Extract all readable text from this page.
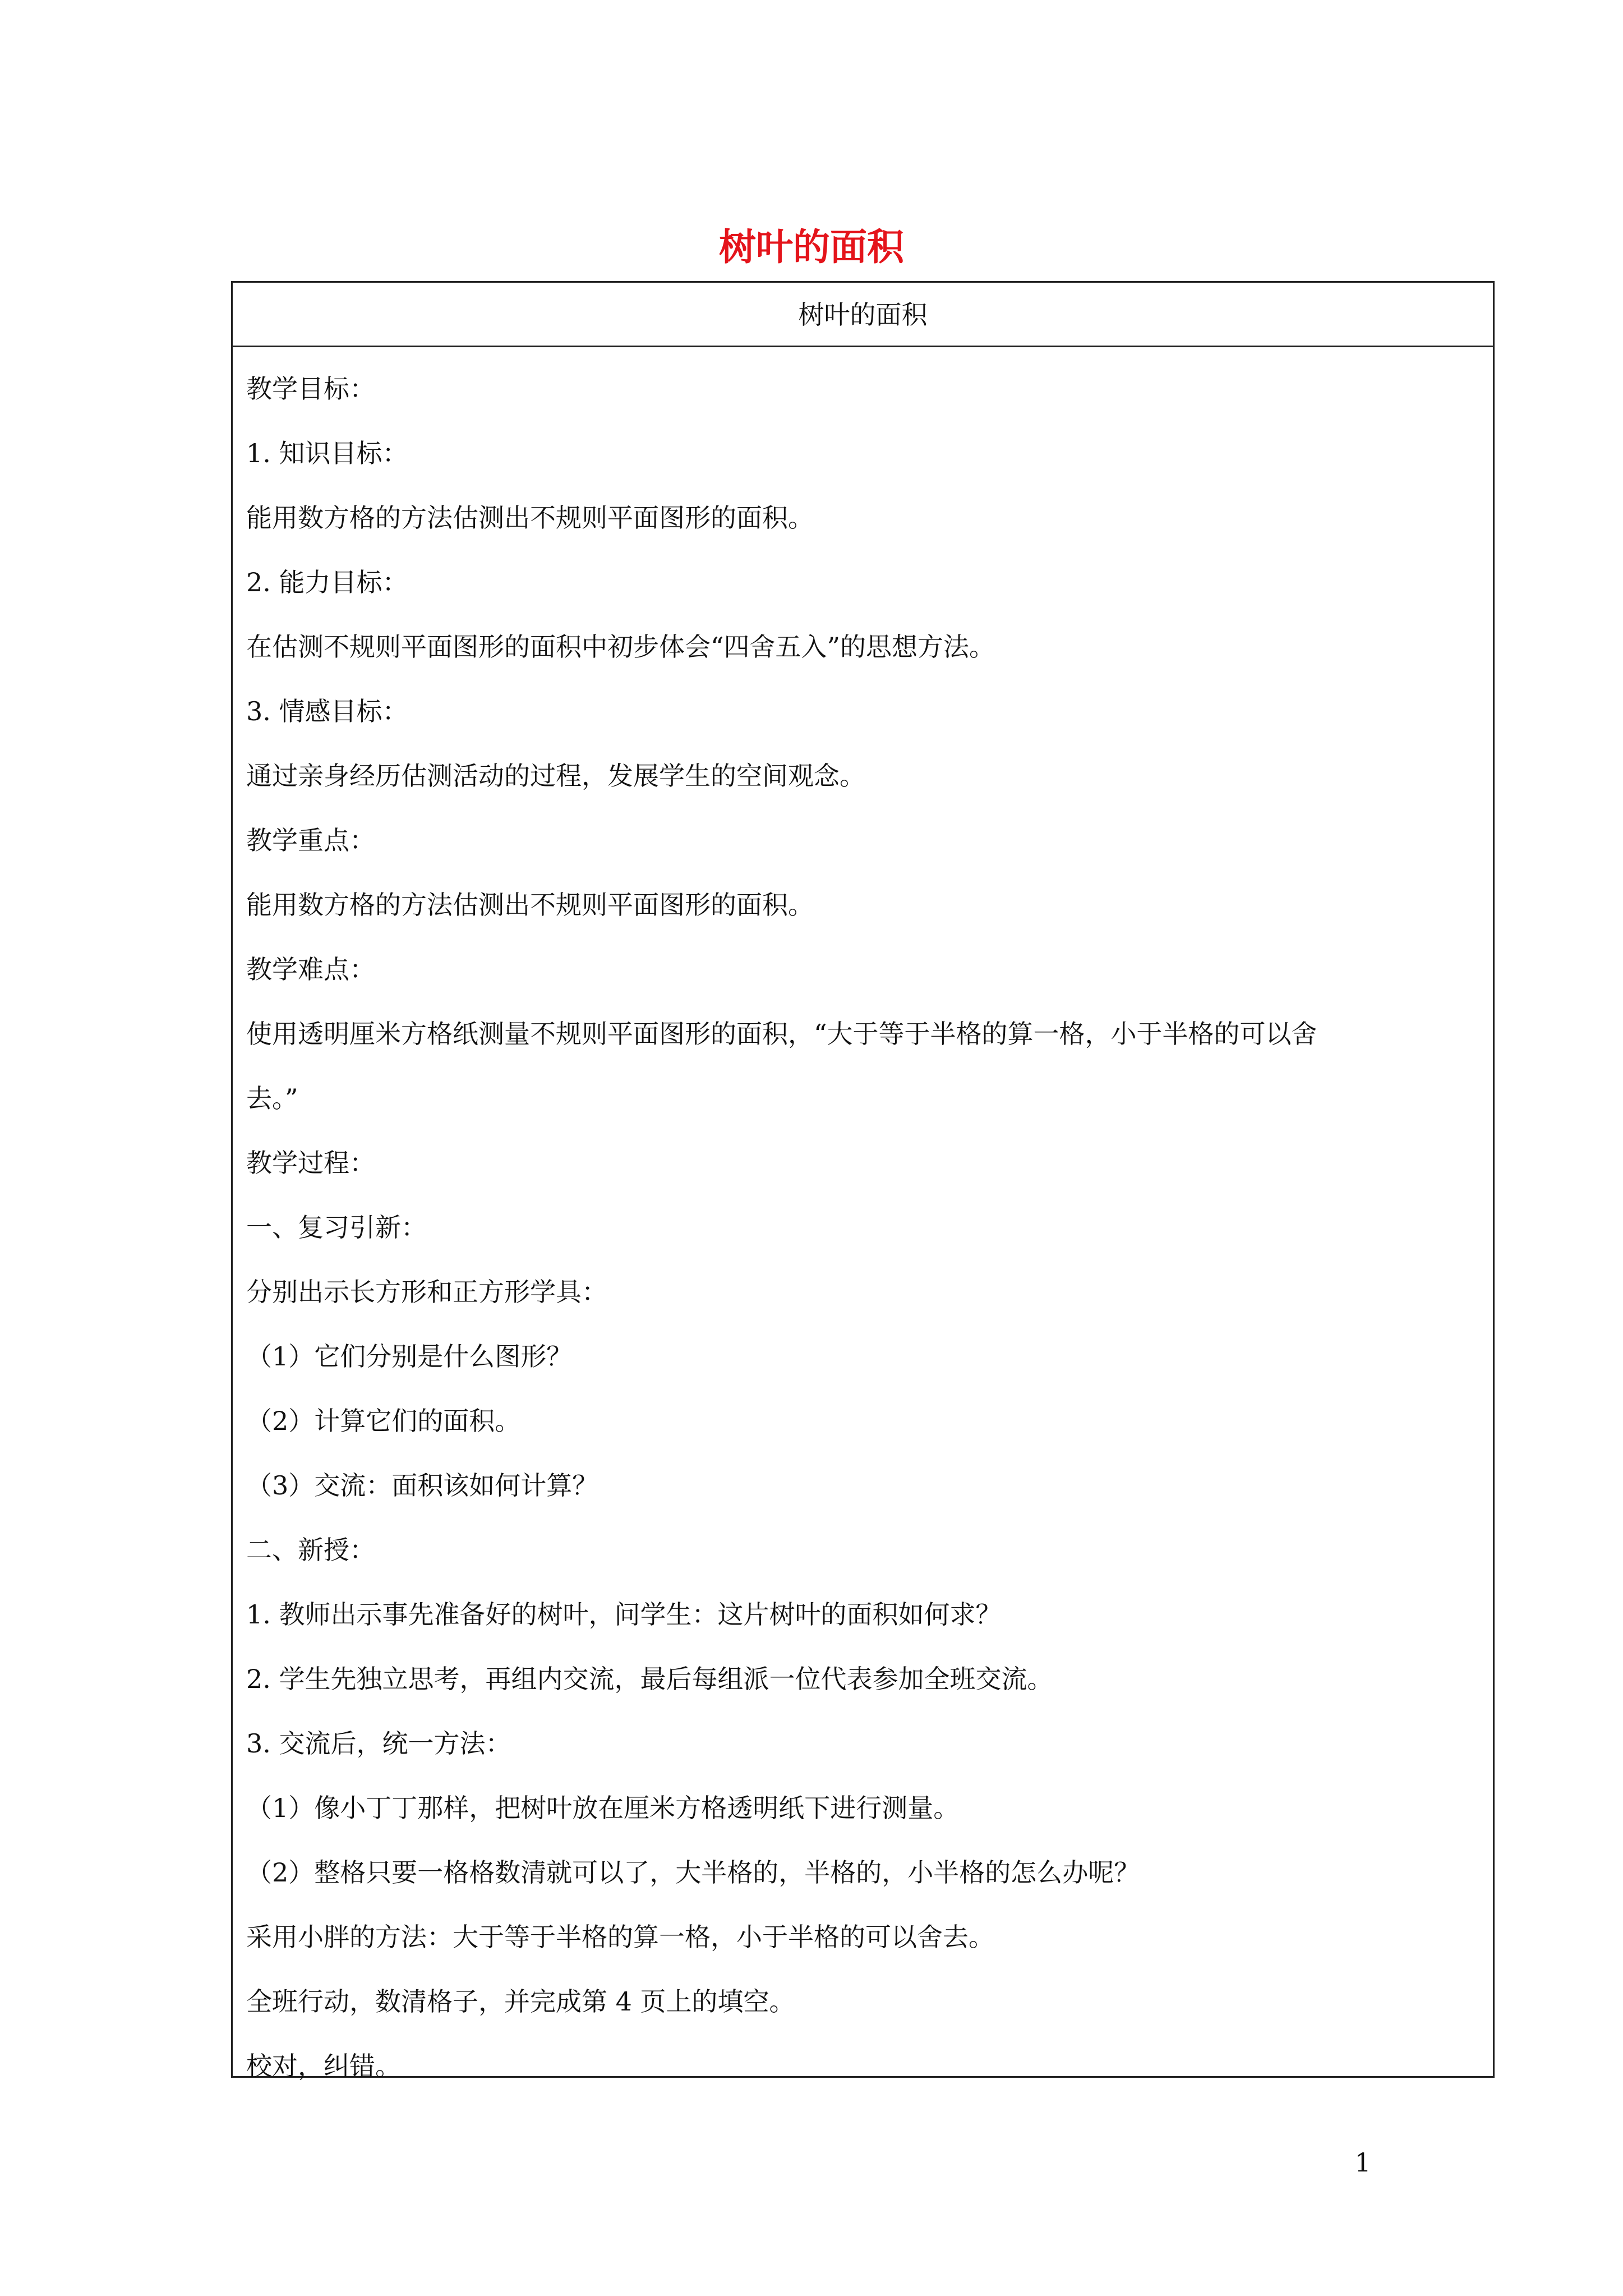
树叶的面积
树叶的面积
教学目标：
1. 知识目标：
能用数方格的方法估测出不规则平面图形的面积。
2. 能力目标：
在估测不规则平面图形的面积中初步体会“四舍五入”的思想方法。
3. 情感目标：
通过亲身经历估测活动的过程，发展学生的空间观念。
教学重点：
能用数方格的方法估测出不规则平面图形的面积。
教学难点：
使用透明厘米方格纸测量不规则平面图形的面积，“大于等于半格的算一格，小于半格的可以舍
去。”
教学过程：
一、复习引新：
分别出示长方形和正方形学具：
（1）它们分别是什么图形？
（2）计算它们的面积。
（3）交流：面积该如何计算？
二、新授：
1. 教师出示事先准备好的树叶，问学生：这片树叶的面积如何求？
2. 学生先独立思考，再组内交流，最后每组派一位代表参加全班交流。
3. 交流后，统一方法：
（1）像小丁丁那样，把树叶放在厘米方格透明纸下进行测量。
（2）整格只要一格格数清就可以了，大半格的，半格的，小半格的怎么办呢？
采用小胖的方法：大于等于半格的算一格，小于半格的可以舍去。
全班行动，数清格子，并完成第 4 页上的填空。
校对，纠错。
1
